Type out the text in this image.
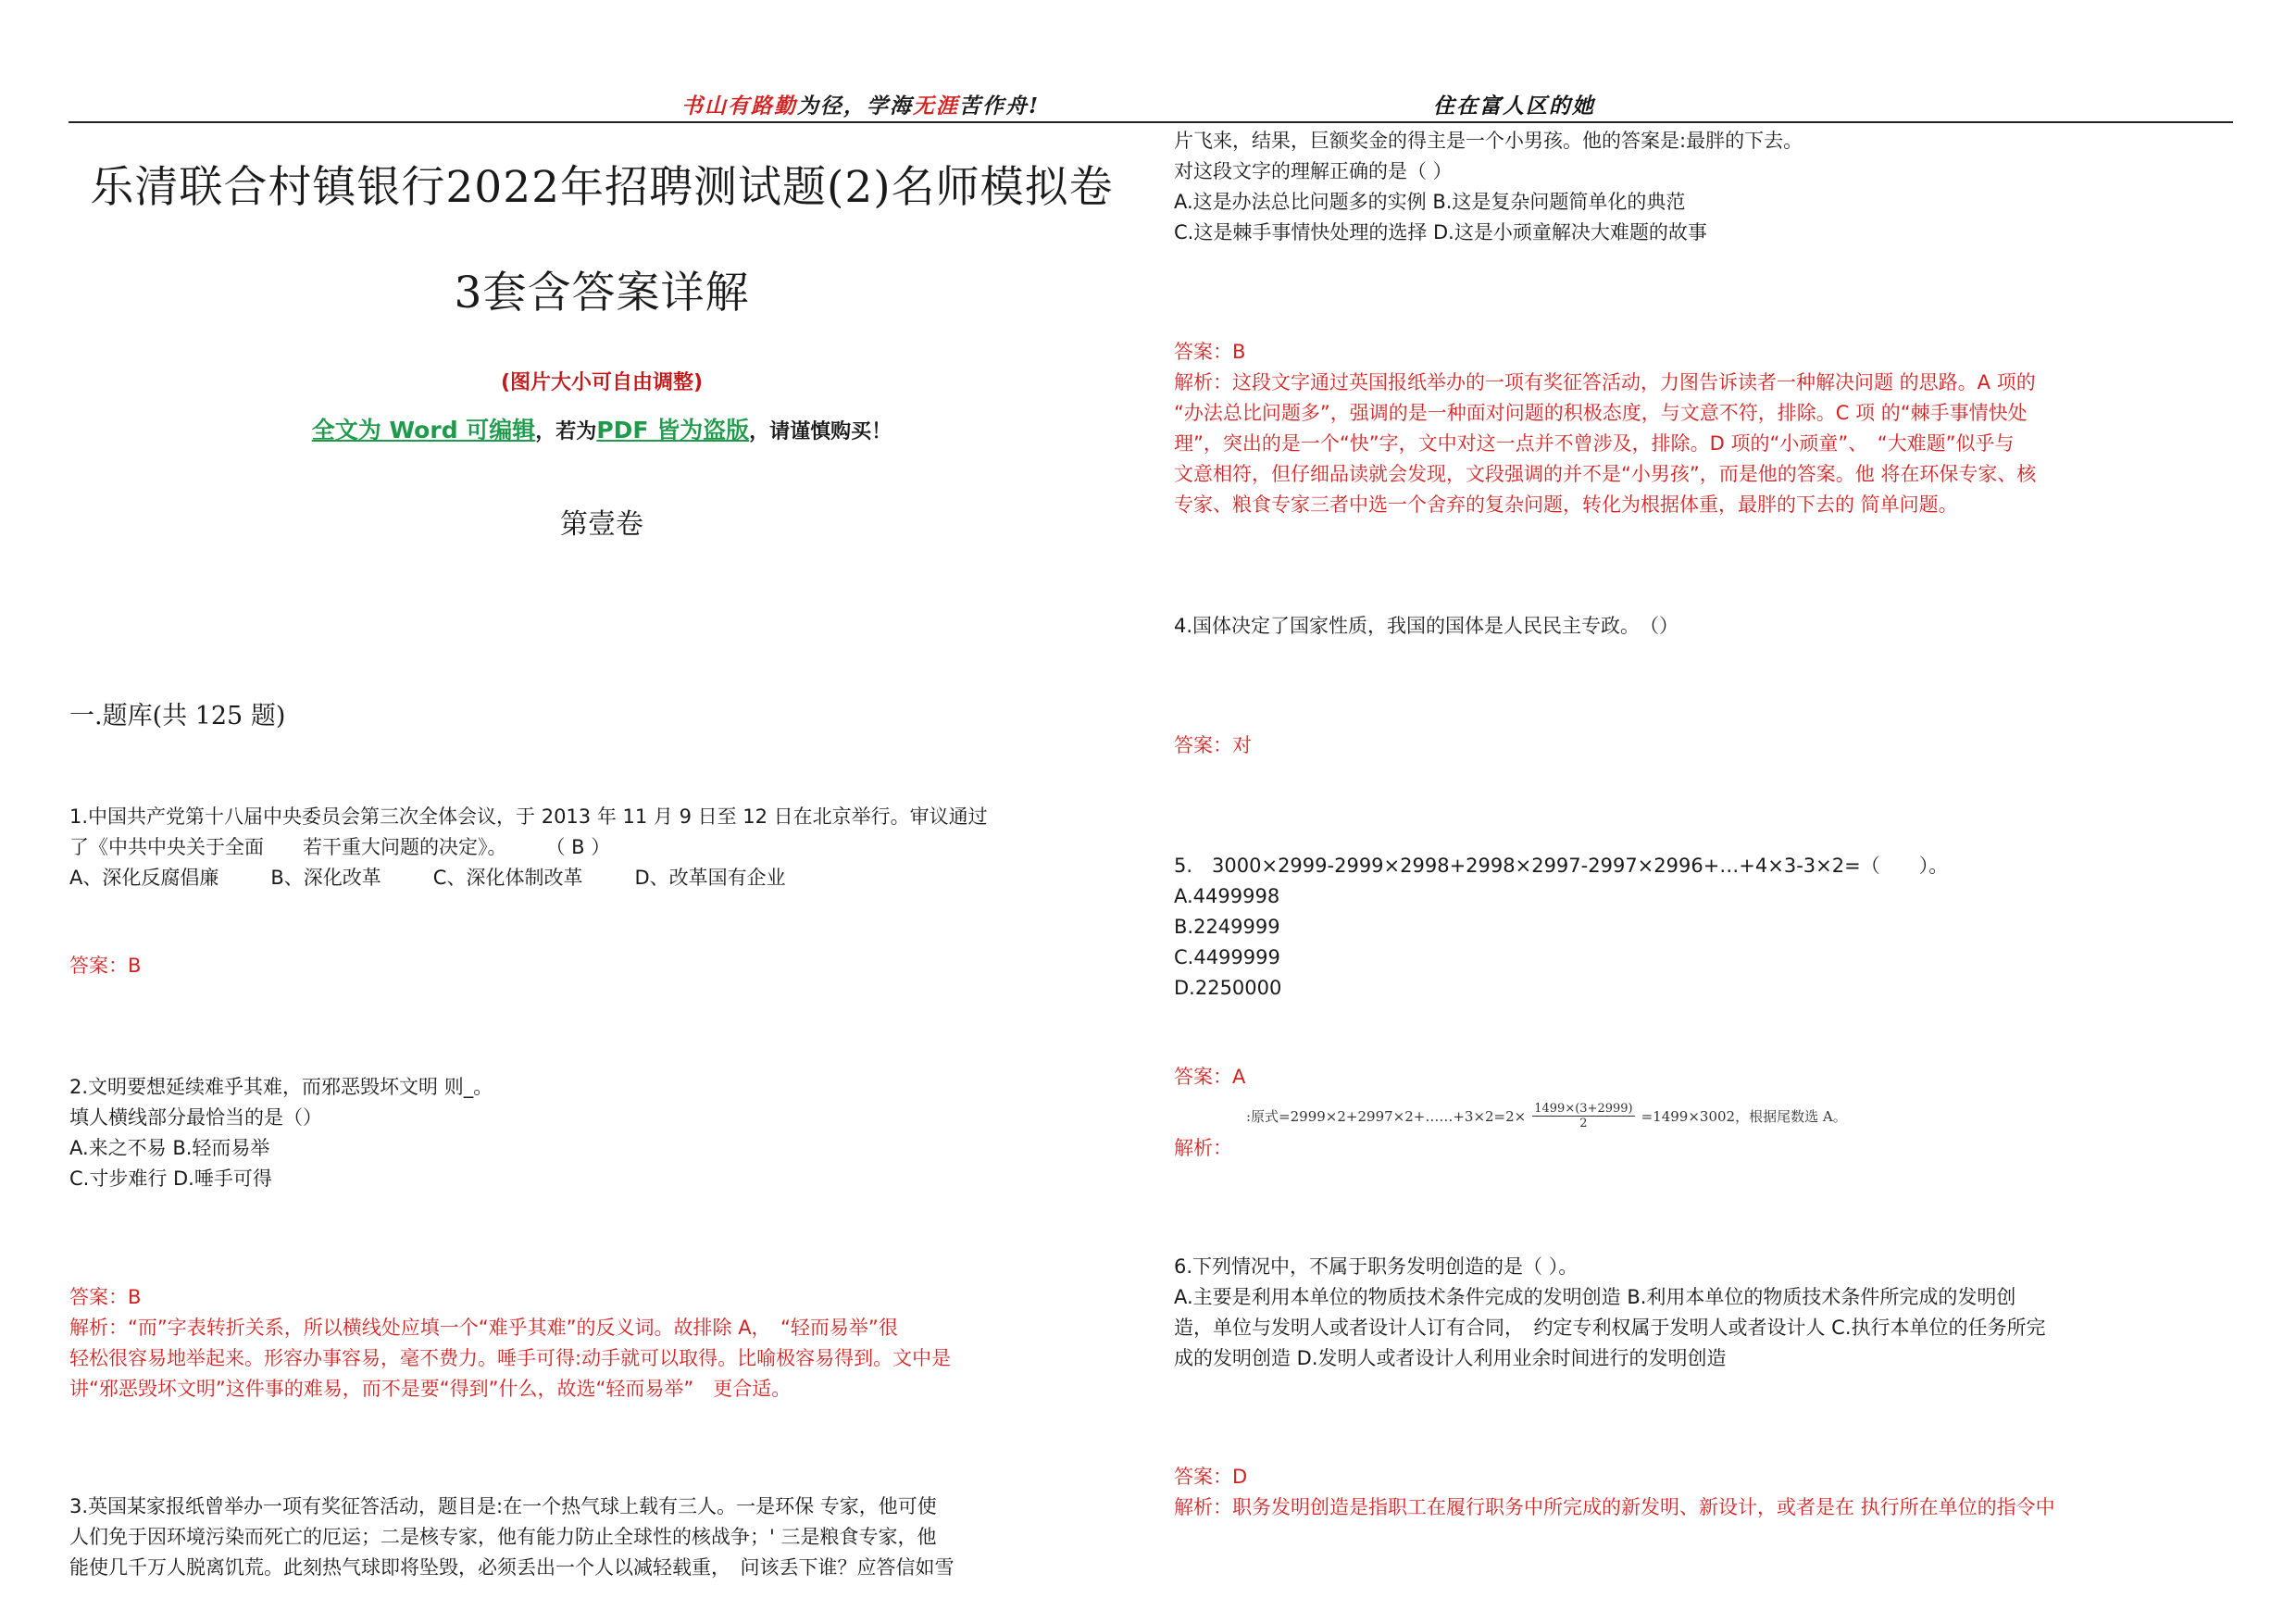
书山有路勤为径，学海无涯苦作舟!	住在富人区的她
乐清联合村镇银行2022年招聘测试题(2)名师模拟卷
3套含答案详解
(图片大小可自由调整)
全文为 Word 可编辑，若为PDF 皆为盗版，请谨慎购买！
第壹卷
一.题库(共 125 题)
1.中国共产党第十八届中央委员会第三次全体会议，于 2013 年 11 月 9 日至 12 日在北京举行。审议通过
了《中共中央关于全面　　若干重大问题的决定》。　　　（ B ）
A、深化反腐倡廉	B、深化改革	C、深化体制改革	D、改革国有企业
答案：B
2.文明要想延续难乎其难，而邪恶毁坏文明 则_。
填人横线部分最恰当的是（）
A.来之不易 B.轻而易举
C.寸步难行 D.唾手可得
答案：B
解析：“而”字表转折关系，所以横线处应填一个“难乎其难”的反义词。故排除 A，　“轻而易举”很
轻松很容易地举起来。形容办事容易，毫不费力。唾手可得:动手就可以取得。比喻极容易得到。文中是
讲“邪恶毁坏文明”这件事的难易，而不是要“得到”什么，故选“轻而易举”　更合适。
3.英国某家报纸曾举办一项有奖征答活动，题目是:在一个热气球上载有三人。一是环保 专家，他可使
人们免于因环境污染而死亡的厄运；二是核专家，他有能力防止全球性的核战争；' 三是粮食专家，他
能使几千万人脱离饥荒。此刻热气球即将坠毁，必须丢出一个人以减轻载重，　问该丢下谁？应答信如雪
片飞来，结果，巨额奖金的得主是一个小男孩。他的答案是:最胖的下去。
对这段文字的理解正确的是（ ）
A.这是办法总比问题多的实例 B.这是复杂问题简单化的典范
C.这是棘手事情快处理的选择 D.这是小顽童解决大难题的故事
答案：B
解析：这段文字通过英国报纸举办的一项有奖征答活动，力图告诉读者一种解决问题 的思路。A 项的
“办法总比问题多”，强调的是一种面对问题的积极态度，与文意不符，排除。C 项 的“棘手事情快处
理”，突出的是一个“快”字，文中对这一点并不曾涉及，排除。D 项的“小顽童”、　“大难题”似乎与
文意相符，但仔细品读就会发现，文段强调的并不是“小男孩”，而是他的答案。他 将在环保专家、核
专家、粮食专家三者中选一个舍弃的复杂问题，转化为根据体重，最胖的下去的 简单问题。
4.国体决定了国家性质，我国的国体是人民民主专政。　（）
答案：对
5.　3000×2999-2999×2998+2998×2997-2997×2996+…+4×3-3×2=（　　）。
A.4499998
B.2249999
C.4499999
D.2250000
答案：A
:原式=2999×2+2997×2+……+3×2=2× $\frac{1499\times(3+2999)}{2} =1499\times 3002$，根据尾数选 A。
解析：
6.下列情况中，不属于职务发明创造的是（ ）。
A.主要是利用本单位的物质技术条件完成的发明创造 B.利用本单位的物质技术条件所完成的发明创
造，单位与发明人或者设计人订有合同，　约定专利权属于发明人或者设计人 C.执行本单位的任务所完
成的发明创造 D.发明人或者设计人利用业余时间进行的发明创造
答案：D
解析：职务发明创造是指职工在履行职务中所完成的新发明、新设计，或者是在 执行所在单位的指令中
